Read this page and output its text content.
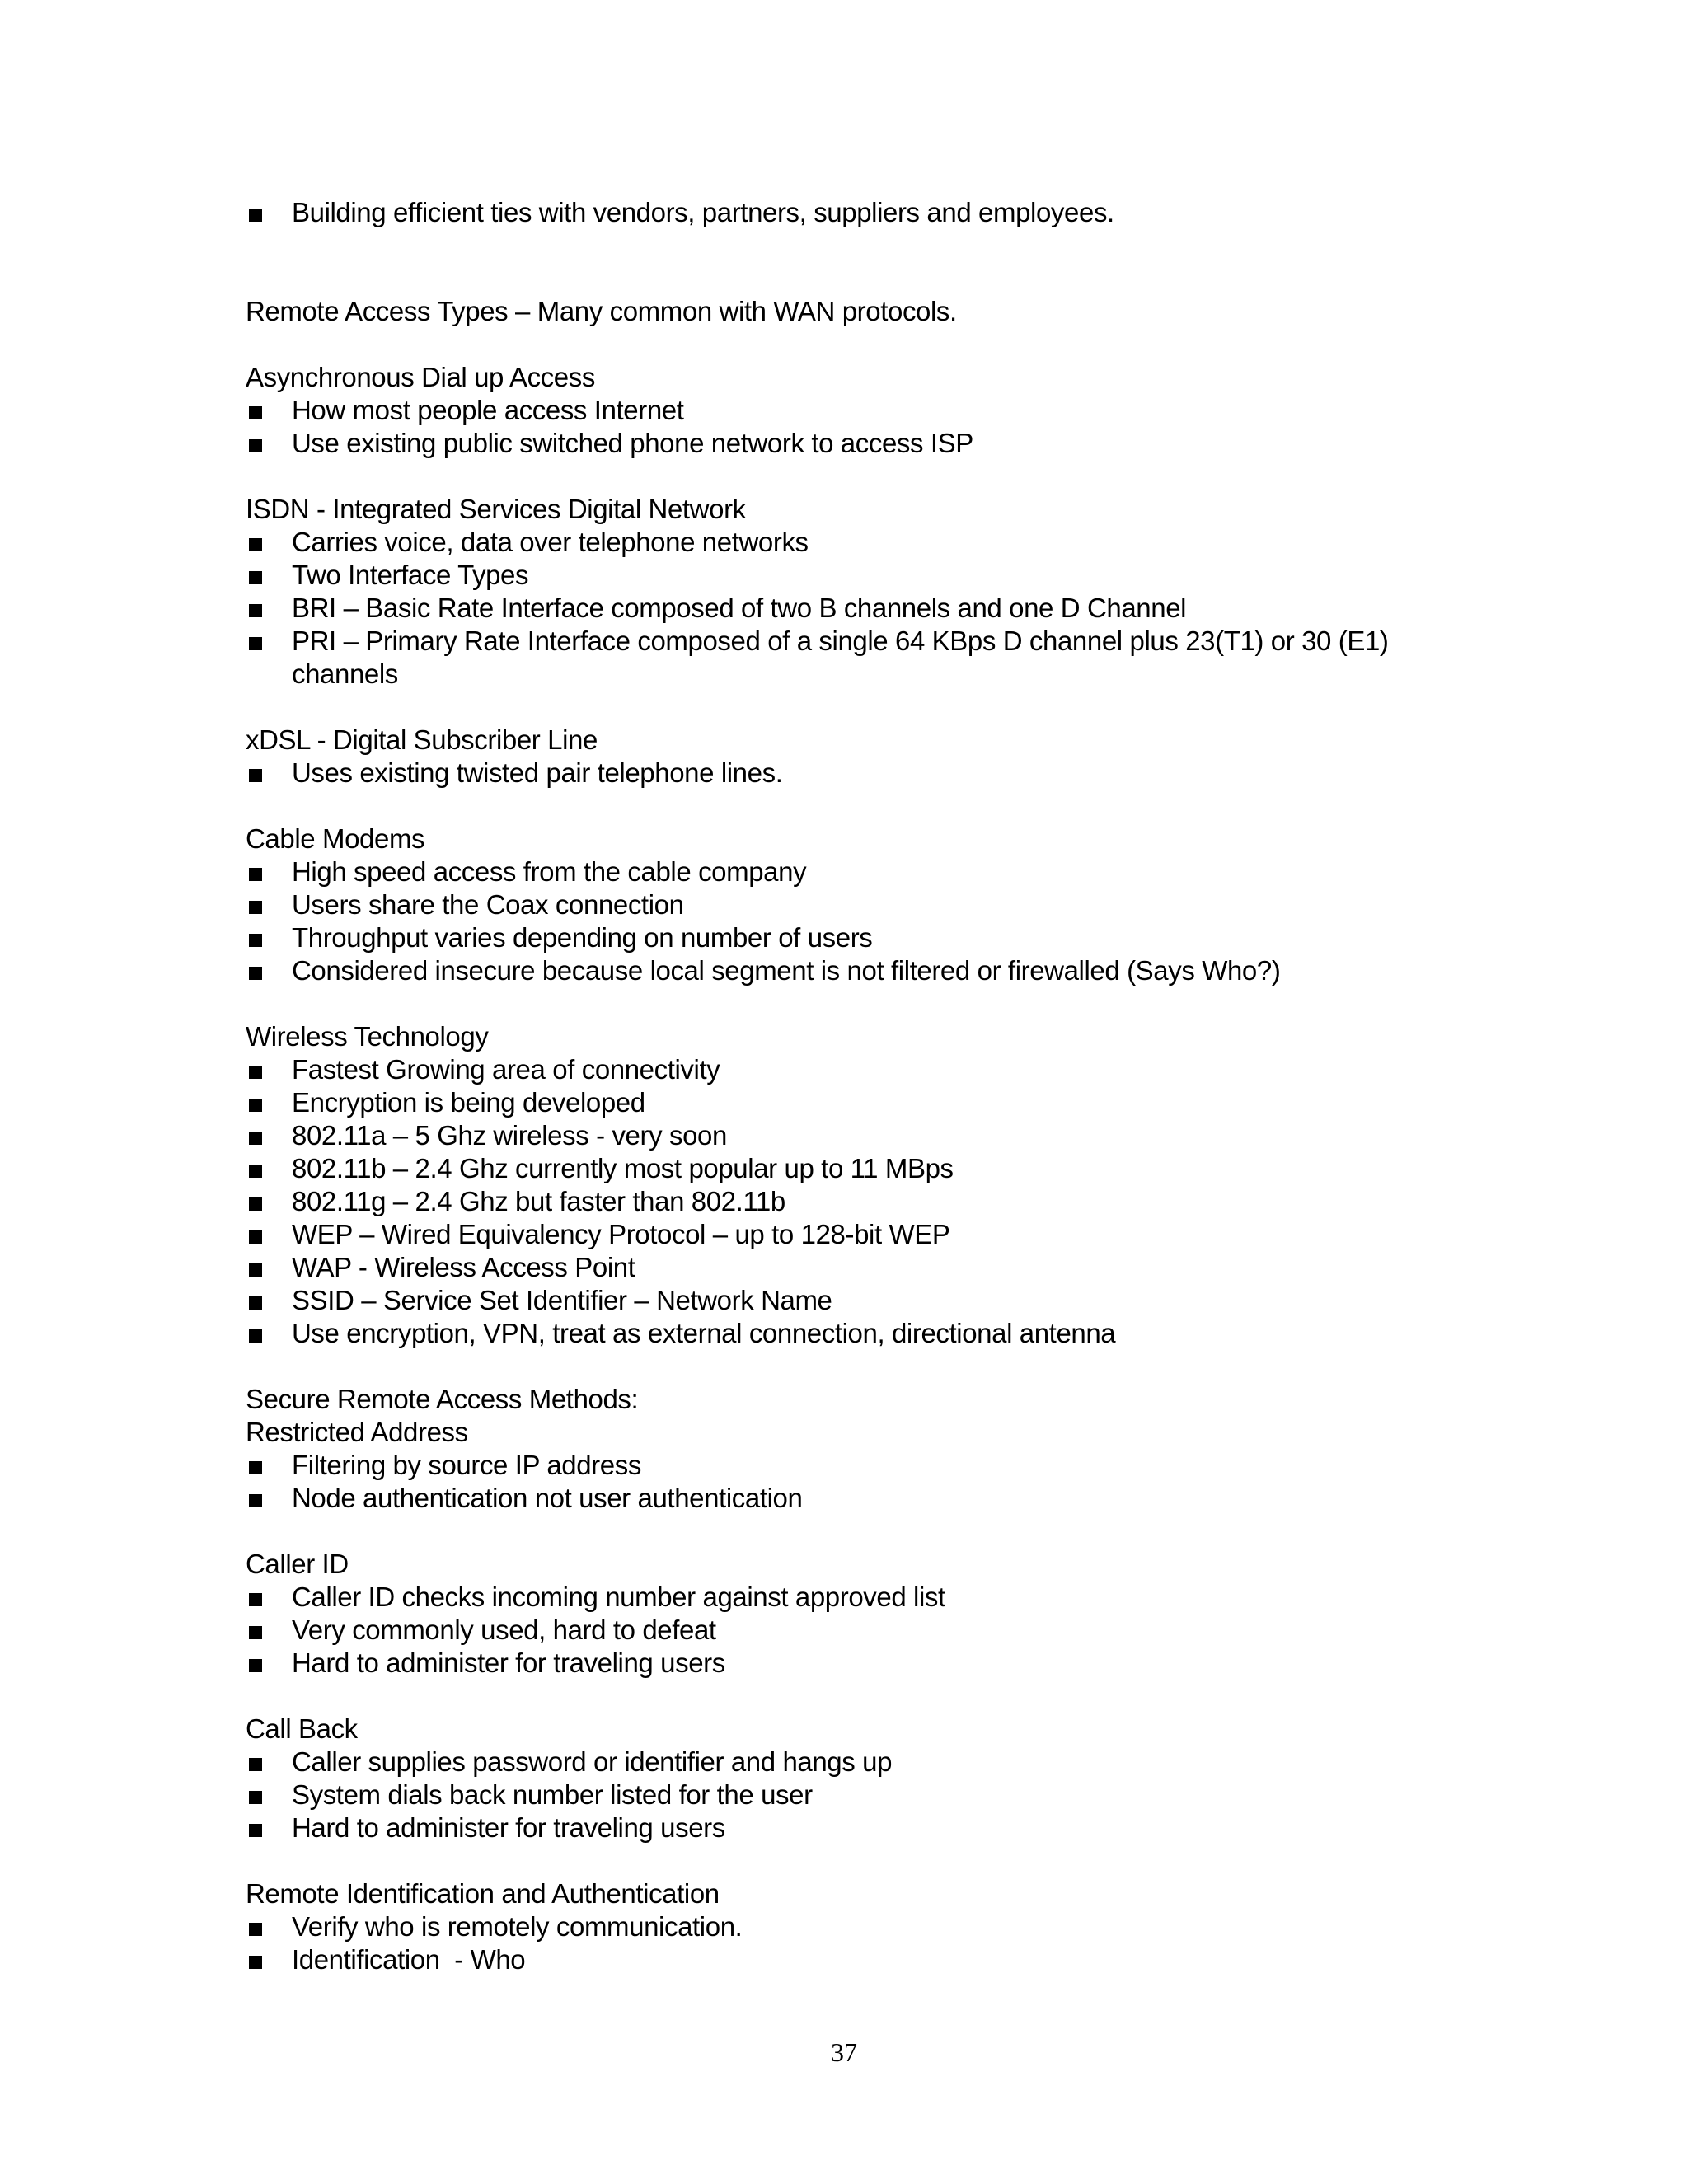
Building efficient ties with vendors, partners, suppliers and employees.
Remote Access Types – Many common with WAN protocols.
Asynchronous Dial up Access
How most people access Internet
Use existing public switched phone network to access ISP
ISDN - Integrated Services Digital Network
Carries voice, data over telephone networks
Two Interface Types
BRI – Basic Rate Interface composed of two B channels and one D Channel
PRI – Primary Rate Interface composed of a single 64 KBps D channel plus 23(T1) or 30 (E1) channels
xDSL - Digital Subscriber Line
Uses existing twisted pair telephone lines.
Cable Modems
High speed access from the cable company
Users share the Coax connection
Throughput varies depending on number of users
Considered insecure because local segment is not filtered or firewalled (Says Who?)
Wireless Technology
Fastest Growing area of connectivity
Encryption is being developed
802.11a – 5 Ghz wireless - very soon
802.11b – 2.4 Ghz currently most popular up to 11 MBps
802.11g – 2.4 Ghz but faster than 802.11b
WEP – Wired Equivalency Protocol – up to 128-bit WEP
WAP - Wireless Access Point
SSID – Service Set Identifier – Network Name
Use encryption, VPN, treat as external connection, directional antenna
Secure Remote Access Methods:
Restricted Address
Filtering by source IP address
Node authentication not user authentication
Caller ID
Caller ID checks incoming number against approved list
Very commonly used, hard to defeat
Hard to administer for traveling users
Call Back
Caller supplies password or identifier and hangs up
System dials back number listed for the user
Hard to administer for traveling users
Remote Identification and Authentication
Verify who is remotely communication.
Identification  - Who
37
